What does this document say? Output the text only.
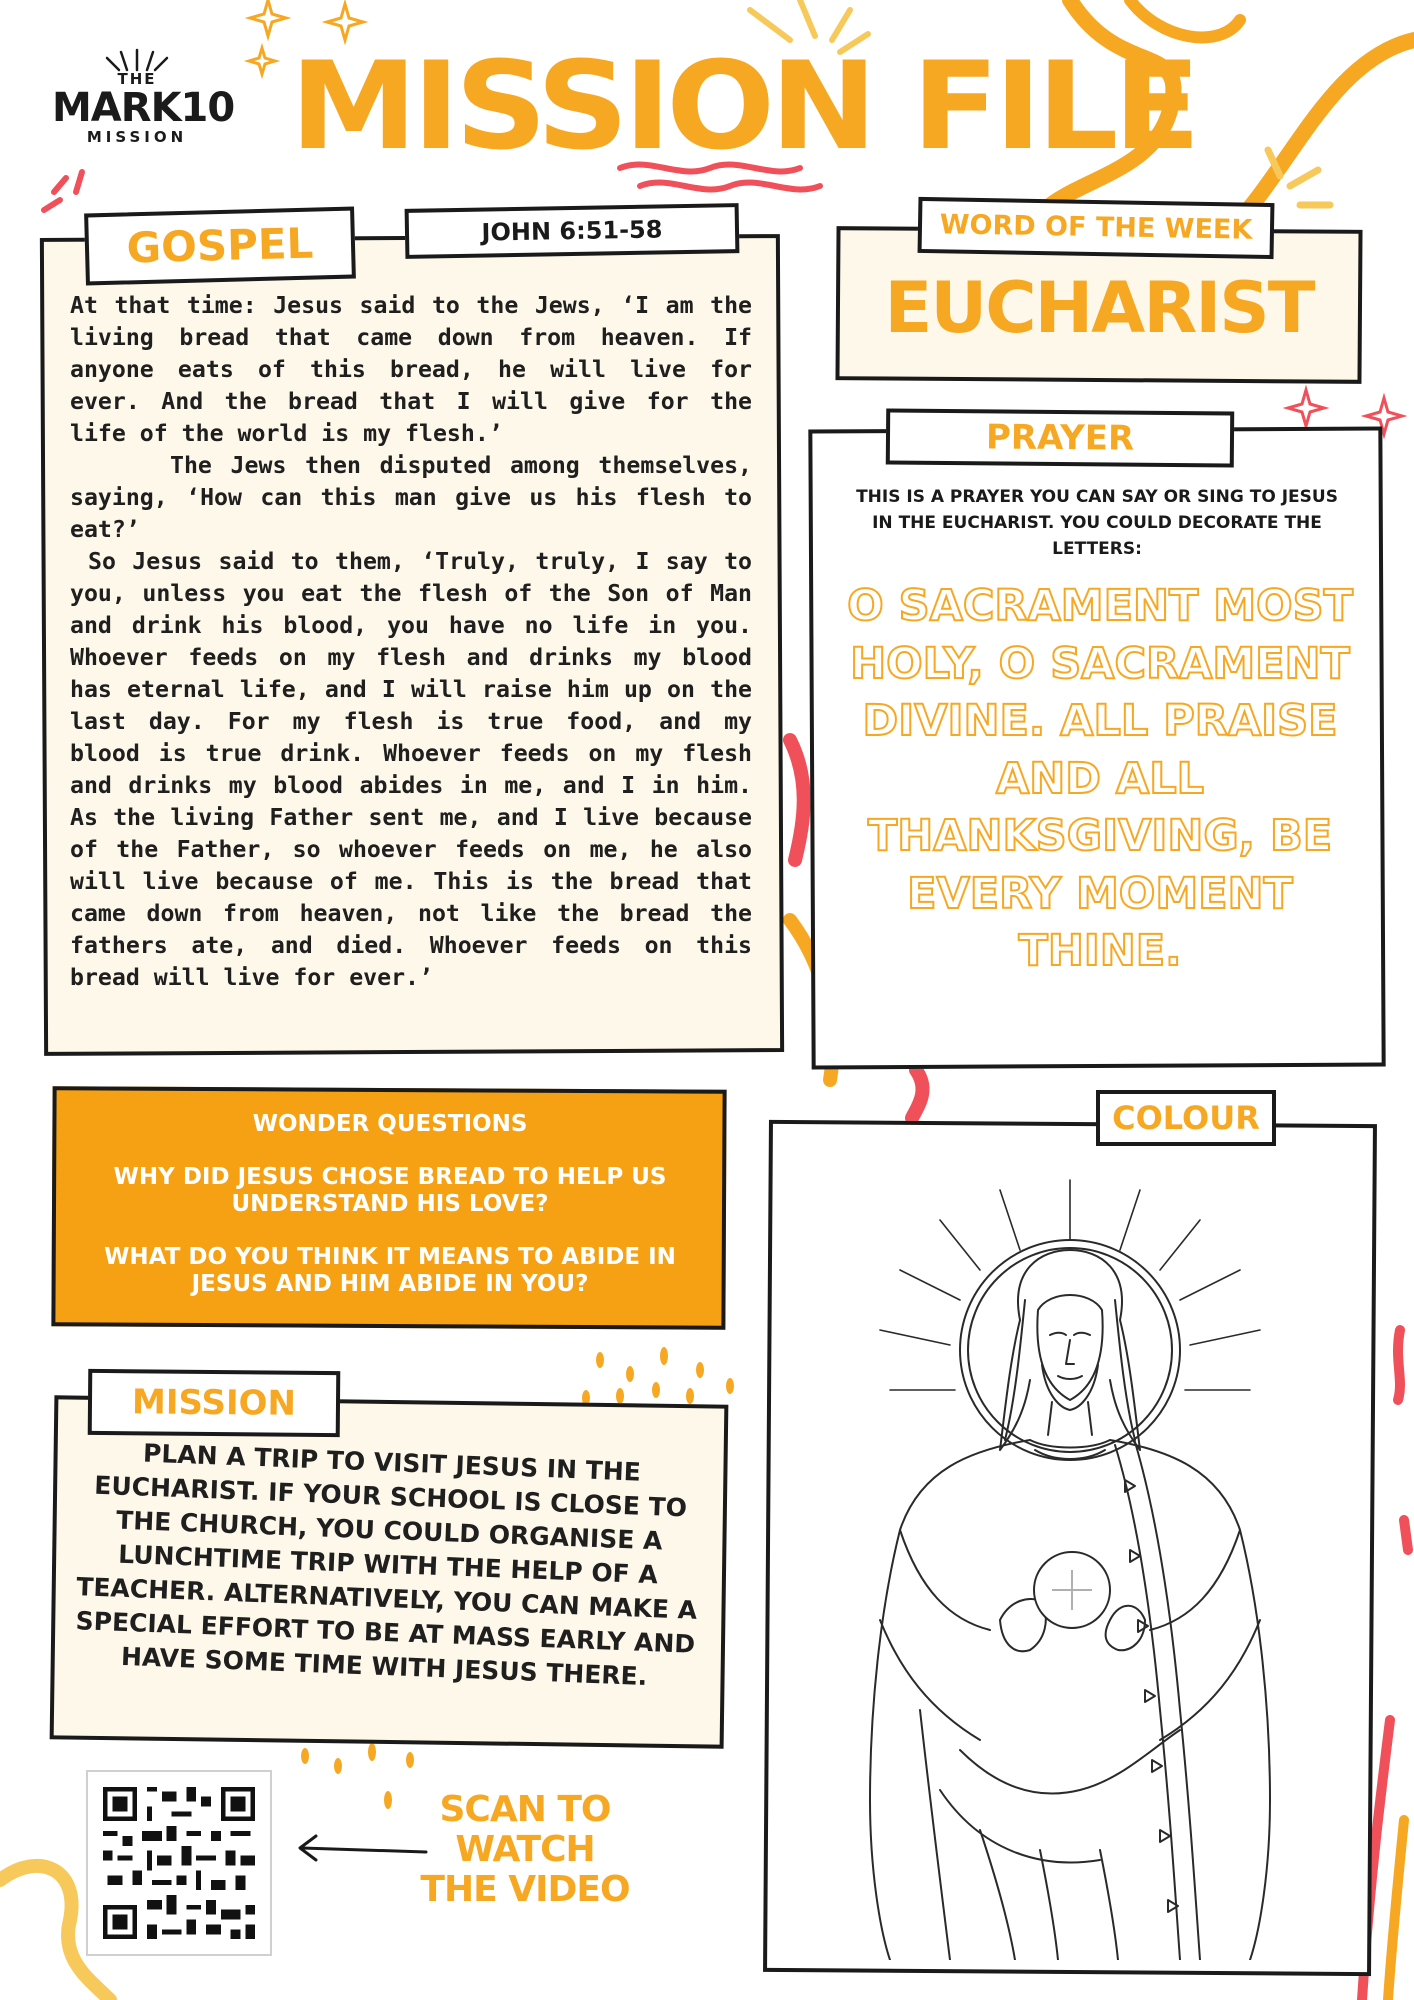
THE
MARK10
MISSION MISSION FILE
GOSPEL	JOHN 6:51-58

At that time: Jesus said to the Jews, ‘I am the living bread that came down from heaven. If anyone eats of this bread, he will live for ever. And the bread that I will give for the life of the world is my flesh.’

The Jews then disputed among themselves, saying, ‘How can this man give us his flesh to eat?’

So Jesus said to them, ‘Truly, truly, I say to you, unless you eat the flesh of the Son of Man and drink his blood, you have no life in you. Whoever feeds on my flesh and drinks my blood has eternal life, and I will raise him up on the last day. For my flesh is true food, and my blood is true drink. Whoever feeds on my flesh and drinks my blood abides in me, and I in him. As the living Father sent me, and I live because of the Father, so whoever feeds on me, he also will live because of me. This is the bread that came down from heaven, not like the bread the fathers ate, and died. Whoever feeds on this bread will live for ever.’

WORD OF THE WEEK
EUCHARIST
PRAYER
THIS IS A PRAYER YOU CAN SAY OR SING TO JESUS IN THE EUCHARIST. YOU COULD DECORATE THE LETTERS:
O SACRAMENT MOST HOLY, O SACRAMENT DIVINE. ALL PRAISE AND ALL THANKSGIVING, BE EVERY MOMENT THINE.
WONDER QUESTIONS
WHY DID JESUS CHOSE BREAD TO HELP US UNDERSTAND HIS LOVE?
WHAT DO YOU THINK IT MEANS TO ABIDE IN JESUS AND HIM ABIDE IN YOU?
MISSION
PLAN A TRIP TO VISIT JESUS IN THE EUCHARIST. IF YOUR SCHOOL IS CLOSE TO THE CHURCH, YOU COULD ORGANISE A LUNCHTIME TRIP WITH THE HELP OF A TEACHER. ALTERNATIVELY, YOU CAN MAKE A SPECIAL EFFORT TO BE AT MASS EARLY AND HAVE SOME TIME WITH JESUS THERE.
COLOUR
SCAN TO
WATCH
THE VIDEO
